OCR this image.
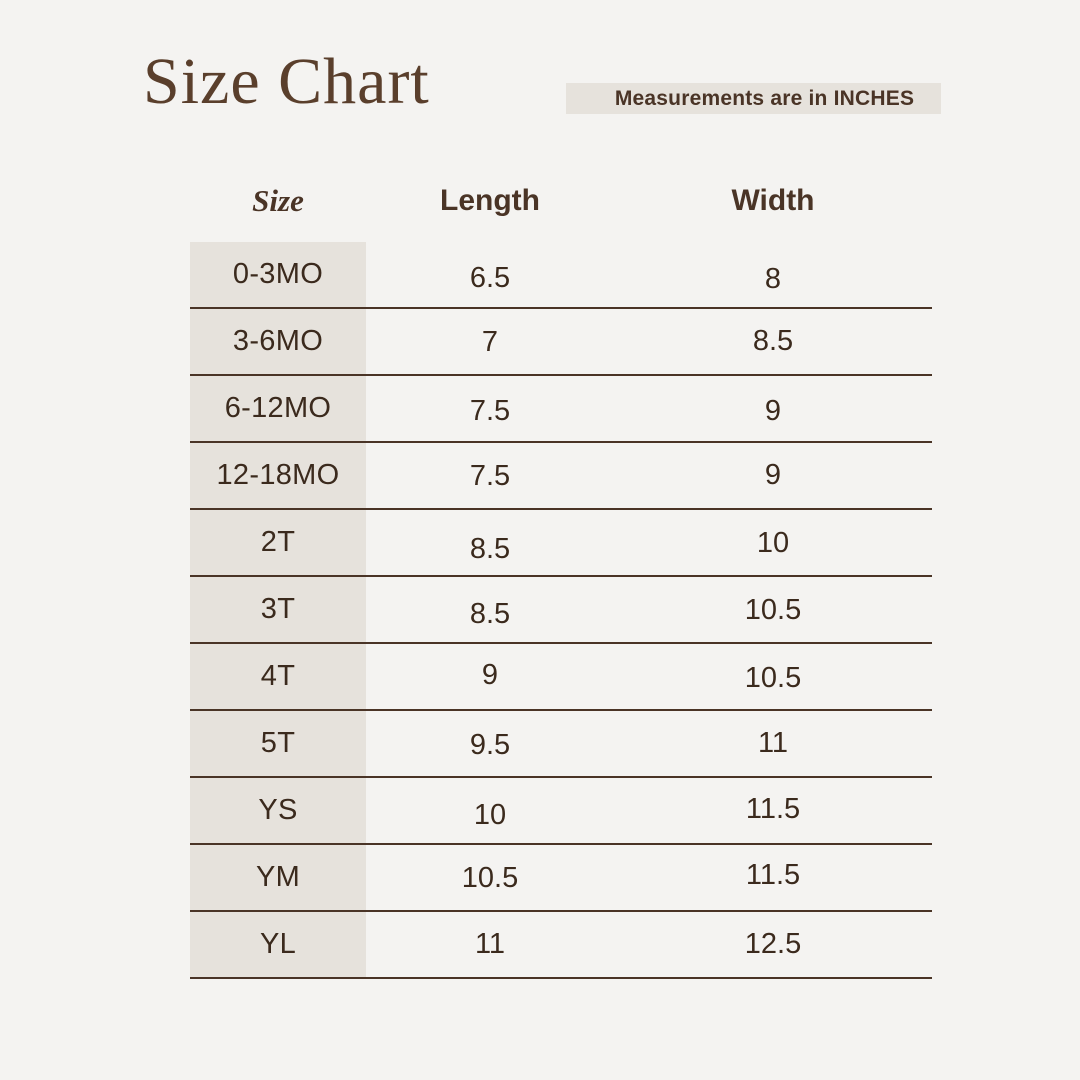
Size Chart	Measurements are in INCHES
Size	Length	Width
0-3MO	6.5	8
3-6MO	7	8.5
6-12MO	7.5	9
12-18MO	7.5	9
2T	8.5	10
3T	8.5	10.5
4T	9	10.5
5T	9.5	11
YS	10	11.5
YM	10.5	11.5
YL	11	12.5
